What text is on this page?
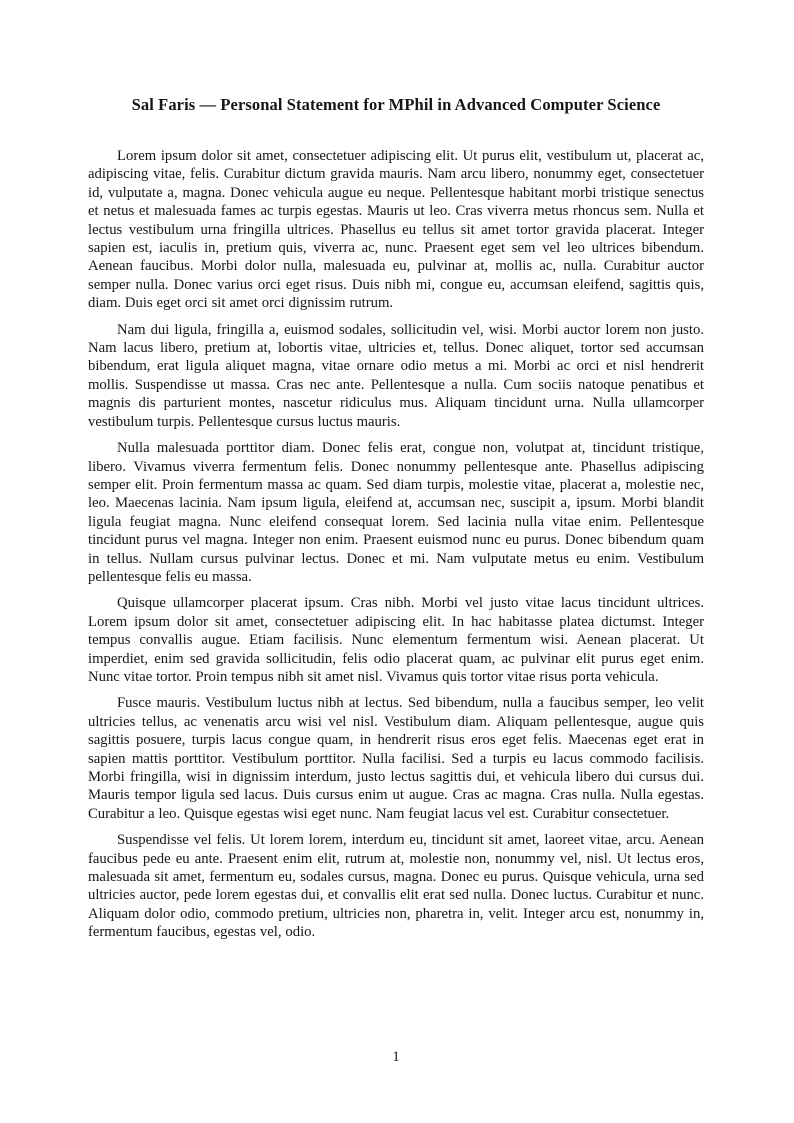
Sal Faris — Personal Statement for MPhil in Advanced Computer Science

Lorem ipsum dolor sit amet, consectetuer adipiscing elit. Ut purus elit, vestibulum ut, placerat ac, adipiscing vitae, felis. Curabitur dictum gravida mauris. Nam arcu libero, nonummy eget, consectetuer id, vulputate a, magna. Donec vehicula augue eu neque. Pellentesque habitant morbi tristique senectus et netus et malesuada fames ac turpis egestas. Mauris ut leo. Cras viverra metus rhoncus sem. Nulla et lectus vestibulum urna fringilla ultrices. Phasellus eu tellus sit amet tortor gravida placerat. Integer sapien est, iaculis in, pretium quis, viverra ac, nunc. Praesent eget sem vel leo ultrices bibendum. Aenean faucibus. Morbi dolor nulla, malesuada eu, pulvinar at, mollis ac, nulla. Curabitur auctor semper nulla. Donec varius orci eget risus. Duis nibh mi, congue eu, accumsan eleifend, sagittis quis, diam. Duis eget orci sit amet orci dignissim rutrum.

Nam dui ligula, fringilla a, euismod sodales, sollicitudin vel, wisi. Morbi auctor lorem non justo. Nam lacus libero, pretium at, lobortis vitae, ultricies et, tellus. Donec aliquet, tortor sed accumsan bibendum, erat ligula aliquet magna, vitae ornare odio metus a mi. Morbi ac orci et nisl hendrerit mollis. Suspendisse ut massa. Cras nec ante. Pellentesque a nulla. Cum sociis natoque penatibus et magnis dis parturient montes, nascetur ridiculus mus. Aliquam tincidunt urna. Nulla ullamcorper vestibulum turpis. Pellentesque cursus luctus mauris.

Nulla malesuada porttitor diam. Donec felis erat, congue non, volutpat at, tincidunt tristique, libero. Vivamus viverra fermentum felis. Donec nonummy pellentesque ante. Phasellus adipiscing semper elit. Proin fermentum massa ac quam. Sed diam turpis, molestie vitae, placerat a, molestie nec, leo. Maecenas lacinia. Nam ipsum ligula, eleifend at, accumsan nec, suscipit a, ipsum. Morbi blandit ligula feugiat magna. Nunc eleifend consequat lorem. Sed lacinia nulla vitae enim. Pellentesque tincidunt purus vel magna. Integer non enim. Praesent euismod nunc eu purus. Donec bibendum quam in tellus. Nullam cursus pulvinar lectus. Donec et mi. Nam vulputate metus eu enim. Vestibulum pellentesque felis eu massa.

Quisque ullamcorper placerat ipsum. Cras nibh. Morbi vel justo vitae lacus tincidunt ultrices. Lorem ipsum dolor sit amet, consectetuer adipiscing elit. In hac habitasse platea dictumst. Integer tempus convallis augue. Etiam facilisis. Nunc elementum fermentum wisi. Aenean placerat. Ut imperdiet, enim sed gravida sollicitudin, felis odio placerat quam, ac pulvinar elit purus eget enim. Nunc vitae tortor. Proin tempus nibh sit amet nisl. Vivamus quis tortor vitae risus porta vehicula.

Fusce mauris. Vestibulum luctus nibh at lectus. Sed bibendum, nulla a faucibus semper, leo velit ultricies tellus, ac venenatis arcu wisi vel nisl. Vestibulum diam. Aliquam pellentesque, augue quis sagittis posuere, turpis lacus congue quam, in hendrerit risus eros eget felis. Maecenas eget erat in sapien mattis porttitor. Vestibulum porttitor. Nulla facilisi. Sed a turpis eu lacus commodo facilisis. Morbi fringilla, wisi in dignissim interdum, justo lectus sagittis dui, et vehicula libero dui cursus dui. Mauris tempor ligula sed lacus. Duis cursus enim ut augue. Cras ac magna. Cras nulla. Nulla egestas. Curabitur a leo. Quisque egestas wisi eget nunc. Nam feugiat lacus vel est. Curabitur consectetuer.

Suspendisse vel felis. Ut lorem lorem, interdum eu, tincidunt sit amet, laoreet vitae, arcu. Aenean faucibus pede eu ante. Praesent enim elit, rutrum at, molestie non, nonummy vel, nisl. Ut lectus eros, malesuada sit amet, fermentum eu, sodales cursus, magna. Donec eu purus. Quisque vehicula, urna sed ultricies auctor, pede lorem egestas dui, et convallis elit erat sed nulla. Donec luctus. Curabitur et nunc. Aliquam dolor odio, commodo pretium, ultricies non, pharetra in, velit. Integer arcu est, nonummy in, fermentum faucibus, egestas vel, odio.

1
